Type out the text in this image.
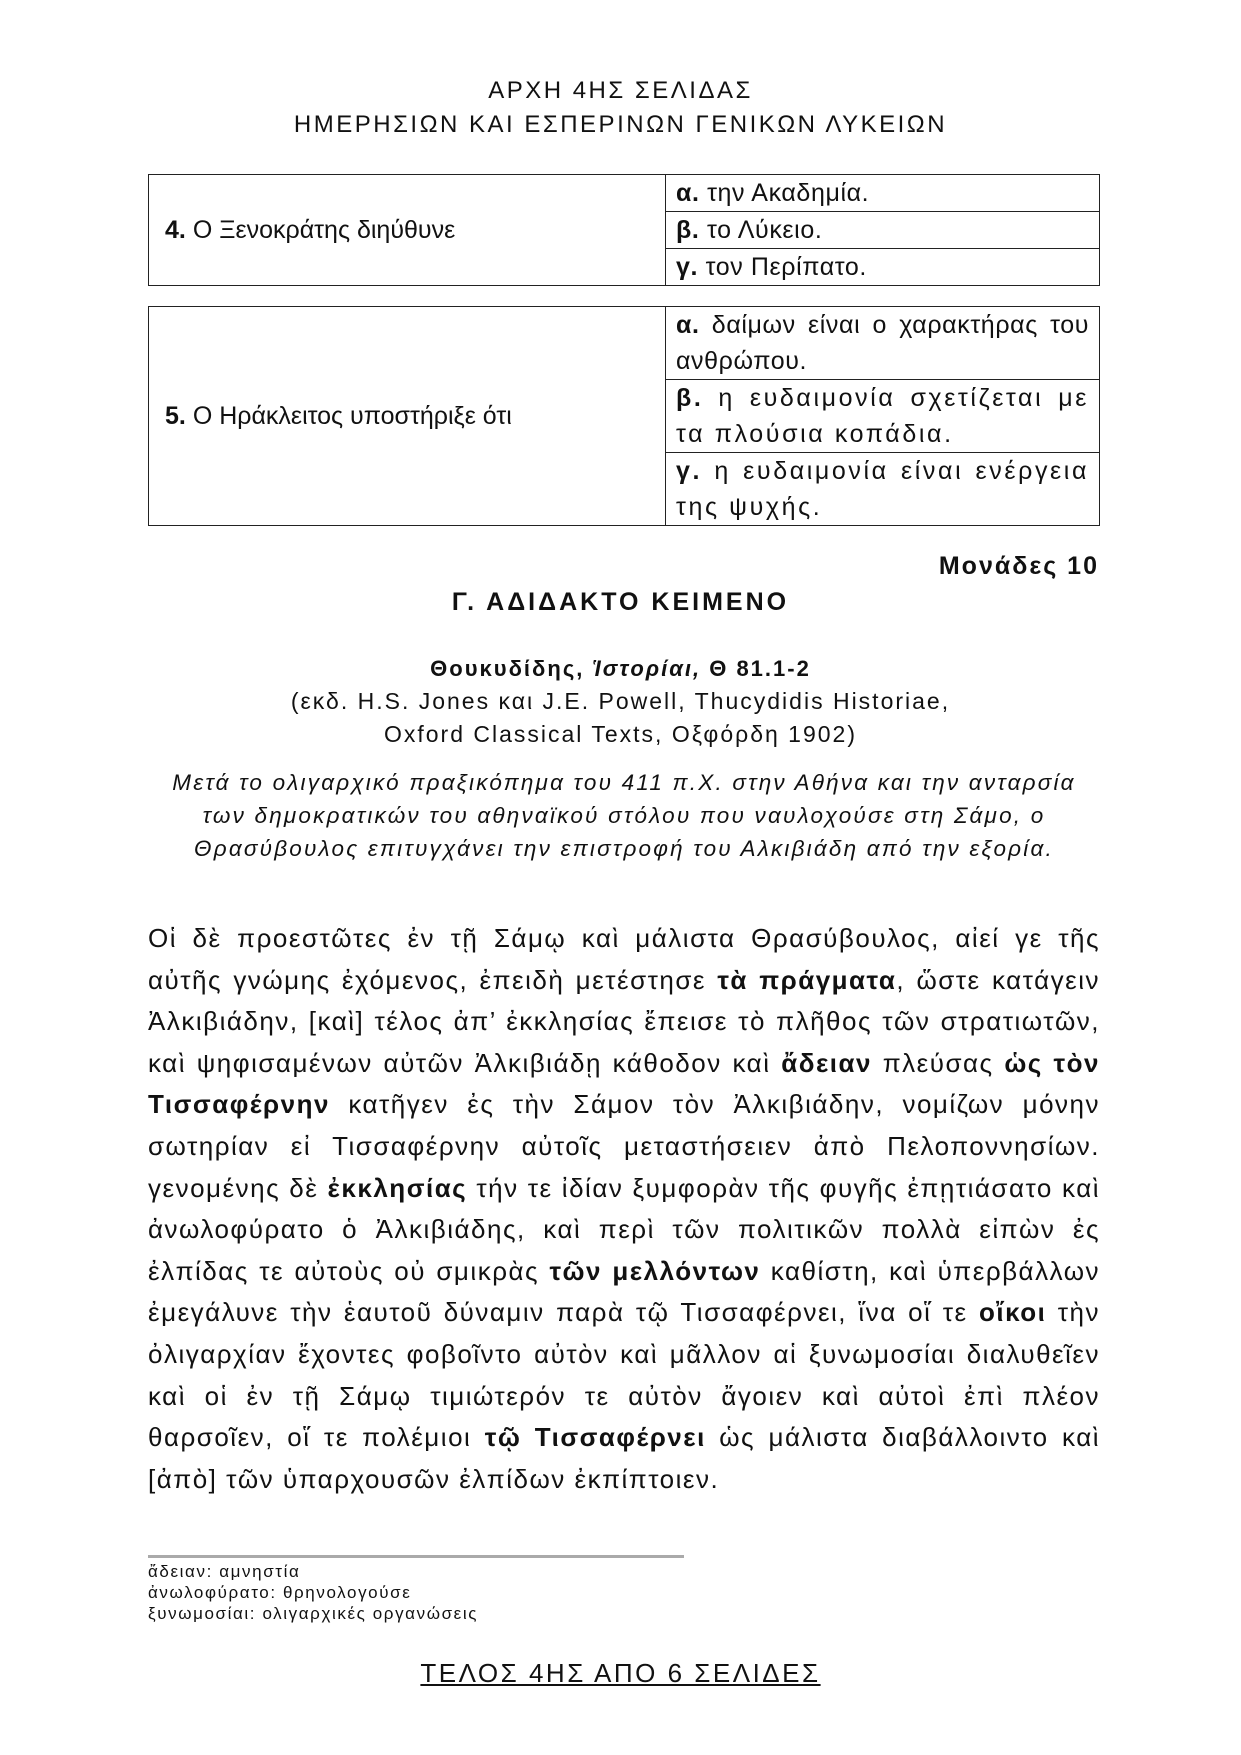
ΑΡΧΗ 4ΗΣ ΣΕΛΙΔΑΣ
ΗΜΕΡΗΣΙΩΝ ΚΑΙ ΕΣΠΕΡΙΝΩΝ ΓΕΝΙΚΩΝ ΛΥΚΕΙΩΝ
4. Ο Ξενοκράτης διηύθυνε	α. την Ακαδημία.
β. το Λύκειο.
γ. τον Περίπατο.
5. Ο Ηράκλειτος υποστήριξε ότι	α. δαίμων είναι ο χαρακτήρας του ανθρώπου.
β. η ευδαιμονία σχετίζεται με τα πλούσια κοπάδια.
γ. η ευδαιμονία είναι ενέργεια της ψυχής.
Μονάδες 10
Γ. ΑΔΙΔΑΚΤΟ ΚΕΙΜΕΝΟ
Θουκυδίδης, Ἱστορίαι, Θ 81.1-2
(εκδ. H.S. Jones και J.E. Powell, Thucydidis Historiae,
Oxford Classical Texts, Οξφόρδη 1902)
Μετά το ολιγαρχικό πραξικόπημα του 411 π.Χ. στην Αθήνα και την ανταρσία των δημοκρατικών του αθηναϊκού στόλου που ναυλοχούσε στη Σάμο, ο Θρασύβουλος επιτυγχάνει την επιστροφή του Αλκιβιάδη από την εξορία.
Οἱ δὲ προεστῶτες ἐν τῇ Σάμῳ καὶ μάλιστα Θρασύβουλος, αἰεί γε τῆς αὐτῆς γνώμης ἐχόμενος, ἐπειδὴ μετέστησε τὰ πράγματα, ὥστε κατάγειν Ἀλκιβιάδην, [καὶ] τέλος ἀπ’ ἐκκλησίας ἔπεισε τὸ πλῆθος τῶν στρατιωτῶν, καὶ ψηφισαμένων αὐτῶν Ἀλκιβιάδῃ κάθοδον καὶ ἄδειαν πλεύσας ὡς τὸν Τισσαφέρνην κατῆγεν ἐς τὴν Σάμον τὸν Ἀλκιβιάδην, νομίζων μόνην σωτηρίαν εἰ Τισσαφέρνην αὐτοῖς μεταστήσειεν ἀπὸ Πελοποννησίων. γενομένης δὲ ἐκκλησίας τήν τε ἰδίαν ξυμφορὰν τῆς φυγῆς ἐπῃτιάσατο καὶ ἀνωλοφύρατο ὁ Ἀλκιβιάδης, καὶ περὶ τῶν πολιτικῶν πολλὰ εἰπὼν ἐς ἐλπίδας τε αὐτοὺς οὐ σμικρὰς τῶν μελλόντων καθίστη, καὶ ὑπερβάλλων ἐμεγάλυνε τὴν ἑαυτοῦ δύναμιν παρὰ τῷ Τισσαφέρνει, ἵνα οἵ τε οἴκοι τὴν ὀλιγαρχίαν ἔχοντες φοβοῖντο αὐτὸν καὶ μᾶλλον αἱ ξυνωμοσίαι διαλυθεῖεν καὶ οἱ ἐν τῇ Σάμῳ τιμιώτερόν τε αὐτὸν ἄγοιεν καὶ αὐτοὶ ἐπὶ πλέον θαρσοῖεν, οἵ τε πολέμιοι τῷ Τισσαφέρνει ὡς μάλιστα διαβάλλοιντο καὶ [ἀπὸ] τῶν ὑπαρχουσῶν ἐλπίδων ἐκπίπτοιεν.
ἄδειαν: αμνηστία
ἀνωλοφύρατο: θρηνολογούσε
ξυνωμοσίαι: ολιγαρχικές οργανώσεις
ΤΕΛΟΣ 4ΗΣ ΑΠΟ 6 ΣΕΛΙΔΕΣ
